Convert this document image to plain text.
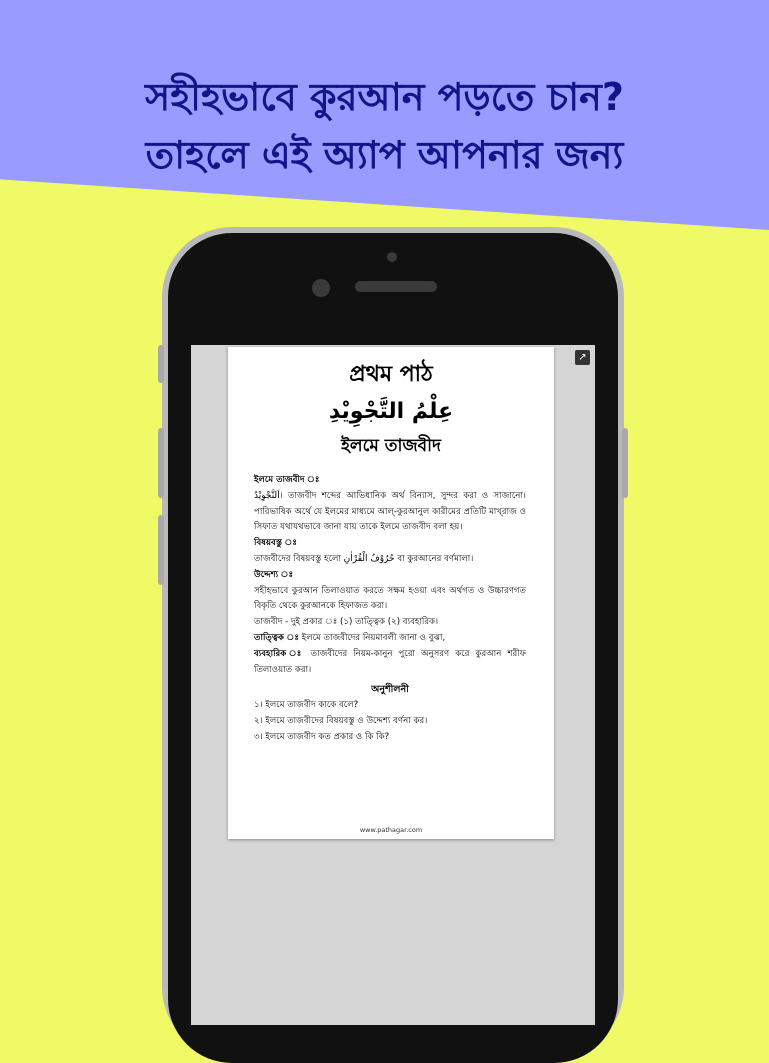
সহীহভাবে কুরআন পড়তে চান?
তাহলে এই অ্যাপ আপনার জন্য
↗
প্রথম পাঠ
عِلْمُ التَّجْوِيْدِ
ইলমে তাজবীদ

ইলমে তাজবীদ ঃ

اَلتَّجْوِيْدُ। তাজবীদ শব্দের আভিধানিক অর্থ বিন্যাস, সুন্দর করা ও সাজানো। পারিভাষিক অর্থে যে ইলমের মাধ্যমে আল্-কুরআনুল কারীমের প্রতিটি মাখ্‌রাজ ও সিফাত যথাযথভাবে জানা যায় তাকে ইলমে তাজবীদ বলা হয়।

বিষয়বস্তু ঃ

তাজবীদের বিষয়বস্তু হলো حُرُوْفُ الْقُرْاٰنِ বা কুরআনের বর্ণমালা।

উদ্দেশ্য ঃ

সহীহভাবে কুরআন তিলাওয়াত করতে সক্ষম হওয়া এবং অর্থগত ও উচ্চারণগত বিকৃতি থেকে কুরআনকে হিফাজত করা।

তাজবীদ - দুই প্রকার ঃ (১) তাত্ত্বিক (২) ব্যবহারিক।

তাত্ত্বিক ঃ ইলমে তাজবীদের নিয়মাবলী জানা ও বুঝা,

ব্যবহারিক ঃ তাজবীদের নিয়ম-কানুন পুরো অনুসরণ করে কুরআন শরীফ তিলাওয়াত করা।

অনুশীলনী

১। ইলমে তাজবীদ কাকে বলে?

২। ইলমে তাজবীদের বিষয়বস্তু ও উদ্দেশ্য বর্ণনা কর।

৩। ইলমে তাজবীদ কত প্রকার ও কি কি?

www.pathagar.com
